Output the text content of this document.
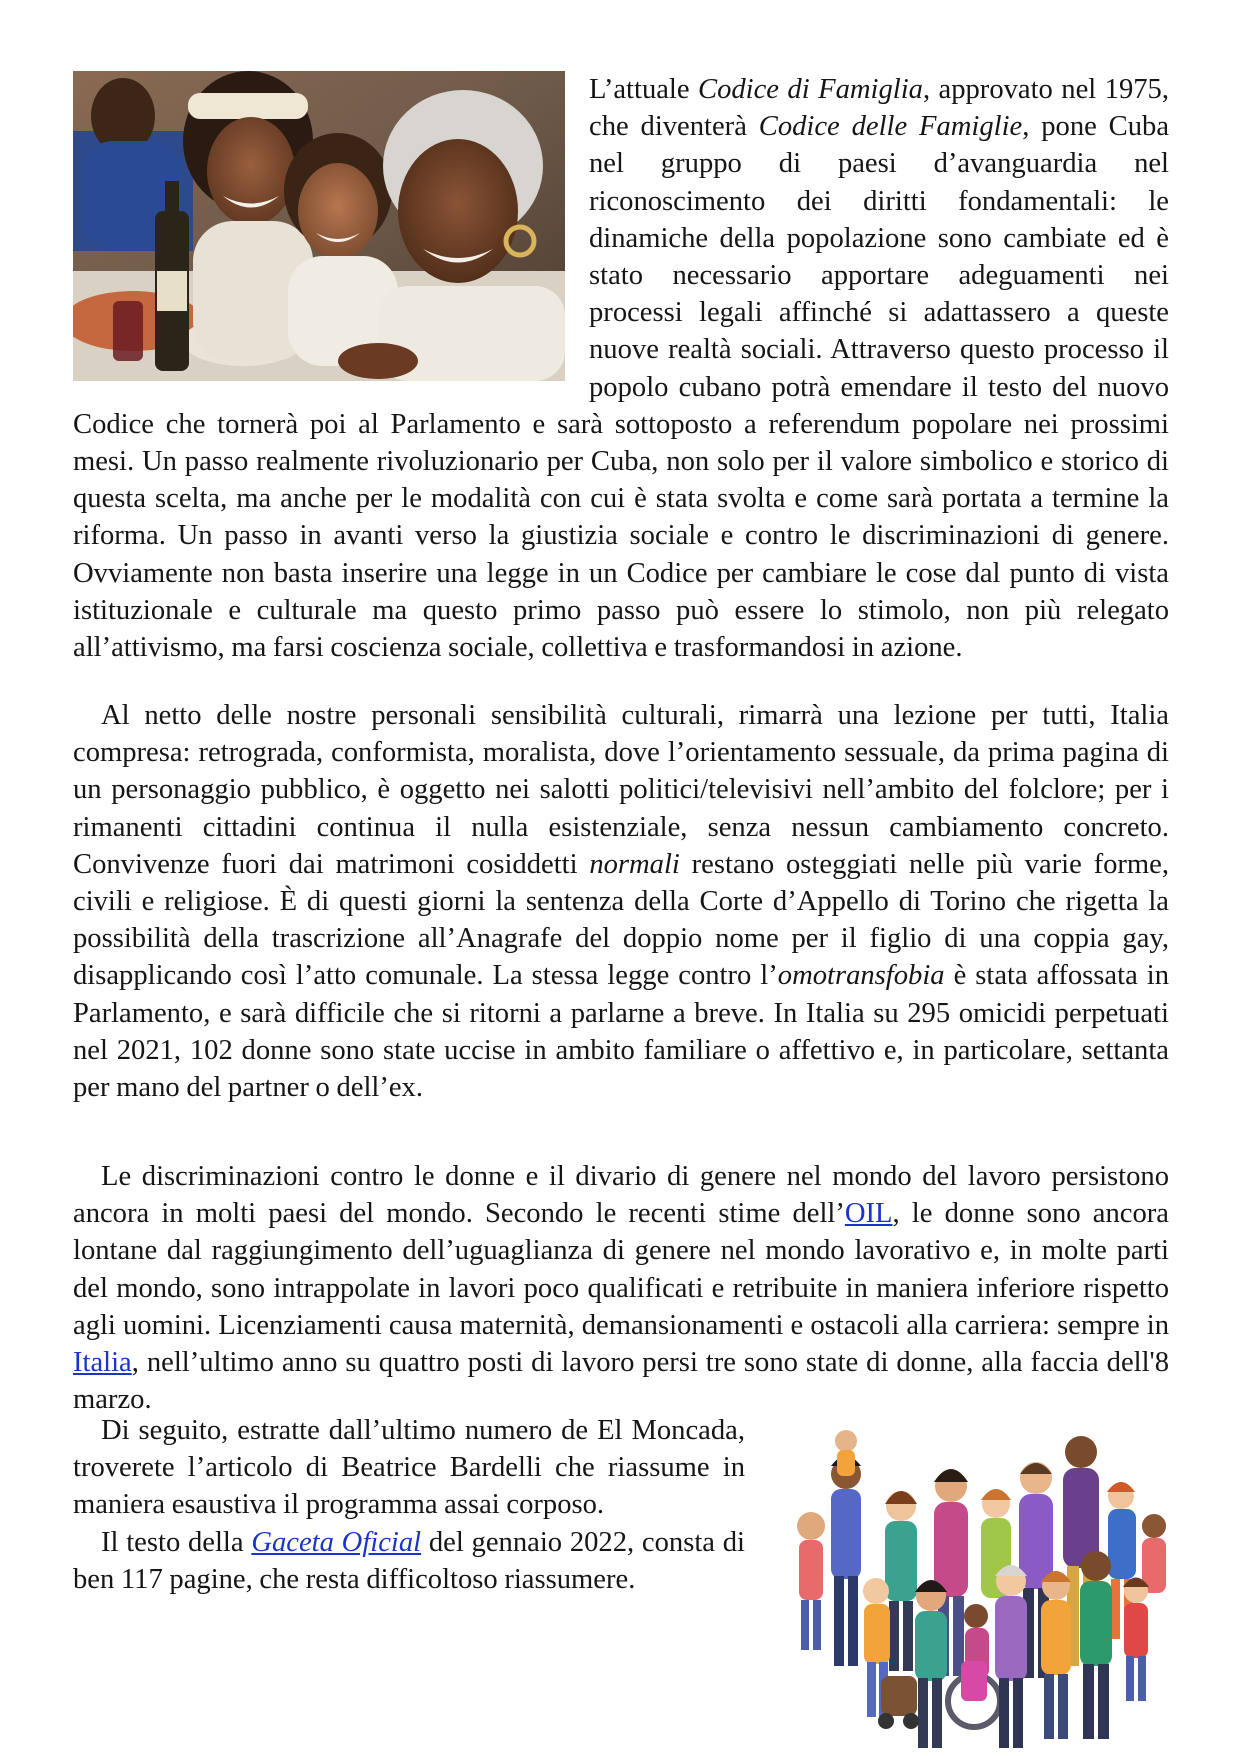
L’attuale Codice di Famiglia, approvato nel 1975, che diventerà Codice delle Famiglie, pone Cuba nel gruppo di paesi d’avanguardia nel riconoscimento dei diritti fondamentali: le dinamiche della popolazione sono cambiate ed è stato necessario apportare adeguamenti nei processi legali affinché si adattassero a queste nuove realtà sociali. Attraverso questo processo il popolo cubano potrà emendare il testo del nuovo Codice che tornerà poi al Parlamento e sarà sottoposto a referendum popolare nei prossimi mesi. Un passo realmente rivoluzionario per Cuba, non solo per il valore simbolico e storico di questa scelta, ma anche per le modalità con cui è stata svolta e come sarà portata a termine la riforma. Un passo in avanti verso la giustizia sociale e contro le discriminazioni di genere. Ovviamente non basta inserire una legge in un Codice per cambiare le cose dal punto di vista istituzionale e culturale ma questo primo passo può essere lo stimolo, non più relegato all’attivismo, ma farsi coscienza sociale, collettiva e trasformandosi in azione.

Al netto delle nostre personali sensibilità culturali, rimarrà una lezione per tutti, Italia compresa: retrograda, conformista, moralista, dove l’orientamento sessuale, da prima pagina di un personaggio pubblico, è oggetto nei salotti politici/televisivi nell’ambito del folclore; per i rimanenti cittadini continua il nulla esistenziale, senza nessun cambiamento concreto. Convivenze fuori dai matrimoni cosiddetti normali restano osteggiati nelle più varie forme, civili e religiose. È di questi giorni la sentenza della Corte d’Appello di Torino che rigetta la possibilità della trascrizione all’Anagrafe del doppio nome per il figlio di una coppia gay, disapplicando così l’atto comunale. La stessa legge contro l’omotransfobia è stata affossata in Parlamento, e sarà difficile che si ritorni a parlarne a breve. In Italia su 295 omicidi perpetuati nel 2021, 102 donne sono state uccise in ambito familiare o affettivo e, in particolare, settanta per mano del partner o dell’ex.

Le discriminazioni contro le donne e il divario di genere nel mondo del lavoro persistono ancora in molti paesi del mondo. Secondo le recenti stime dell’OIL, le donne sono ancora lontane dal raggiungimento dell’uguaglianza di genere nel mondo lavorativo e, in molte parti del mondo, sono intrappolate in lavori poco qualificati e retribuite in maniera inferiore rispetto agli uomini. Licenziamenti causa maternità, demansionamenti e ostacoli alla carriera: sempre in Italia, nell’ultimo anno su quattro posti di lavoro persi tre sono state di donne, alla faccia dell'8 marzo.

Di seguito, estratte dall’ultimo numero de El Moncada, troverete l’articolo di Beatrice Bardelli che riassume in maniera esaustiva il programma assai corposo.

Il testo della Gaceta Oficial del gennaio 2022, consta di ben 117 pagine, che resta difficoltoso riassumere.
